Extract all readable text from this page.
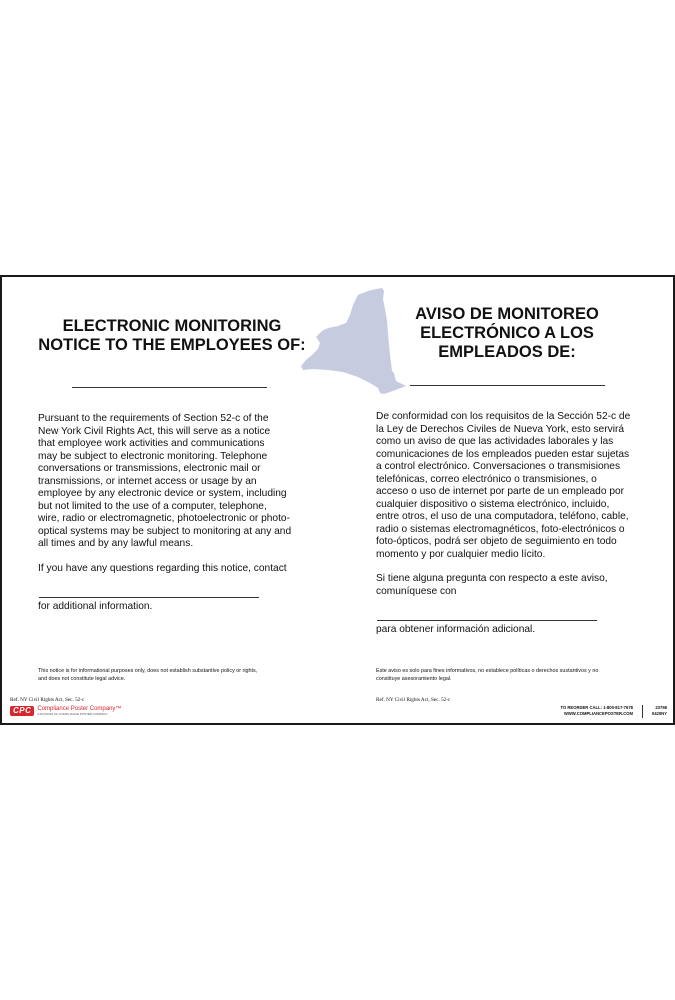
ELECTRONIC MONITORING
NOTICE TO THE EMPLOYEES OF:
Pursuant to the requirements of Section 52-c of the
New York Civil Rights Act, this will serve as a notice
that employee work activities and communications
may be subject to electronic monitoring. Telephone
conversations or transmissions, electronic mail or
transmissions, or internet access or usage by an
employee by any electronic device or system, including
but not limited to the use of a computer, telephone,
wire, radio or electromagnetic, photoelectronic or photo-
optical systems may be subject to monitoring at any and
all times and by any lawful means.
If you have any questions regarding this notice, contact
for additional information.
AVISO DE MONITOREO
ELECTRÓNICO A LOS
EMPLEADOS DE:
De conformidad con los requisitos de la Sección 52-c de
la Ley de Derechos Civiles de Nueva York, esto servirá
como un aviso de que las actividades laborales y las
comunicaciones de los empleados pueden estar sujetas
a control electrónico. Conversaciones o transmisiones
telefónicas, correo electrónico o transmisiones, o
acceso o uso de internet por parte de un empleado por
cualquier dispositivo o sistema electrónico, incluido,
entre otros, el uso de una computadora, teléfono, cable,
radio o sistemas electromagnéticos, foto-electrónicos o
foto-ópticos, podrá ser objeto de seguimiento en todo
momento y por cualquier medio lícito.
Si tiene alguna pregunta con respecto a este aviso,
comuníquese con
para obtener información adicional.
This notice is for informational purposes only, does not establish substantive policy or rights,
and does not constitute legal advice.
Este aviso es solo para fines informativos, no establece políticas o derechos sustantivos y no
constituye asesoramiento legal.
Ref. NY Civil Rights Act, Sec. 52-c	Ref. NY Civil Rights Act, Sec. 52-c
CPC	Compliance Poster Company™
A DIVISION OF COMPLIANCE POSTER COMPANY
TO REORDER CALL: 1-800-817-7678
WWW.COMPLIANCEPOSTER.COM
23758
0420NY
